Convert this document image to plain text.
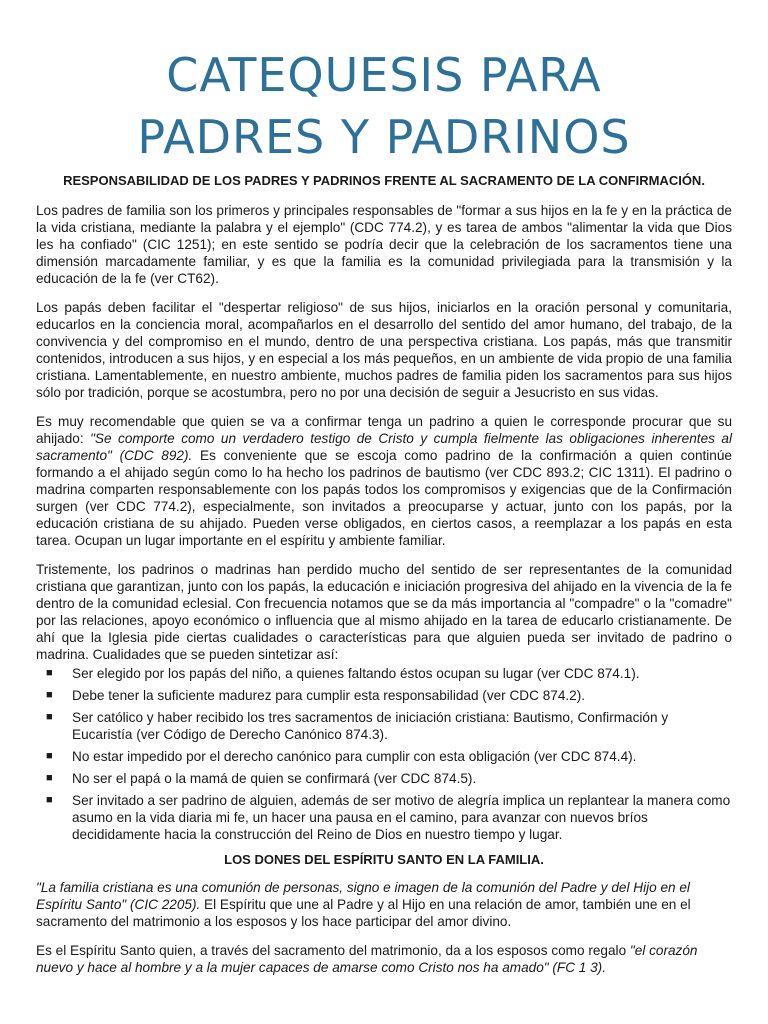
CATEQUESIS PARA
PADRES Y PADRINOS
RESPONSABILIDAD DE LOS PADRES Y PADRINOS FRENTE AL SACRAMENTO DE LA CONFIRMACIÓN.

Los padres de familia son los primeros y principales responsables de "formar a sus hijos en la fe y en la práctica de la vida cristiana, mediante la palabra y el ejemplo" (CDC 774.2), y es tarea de ambos "alimentar la vida que Dios les ha confiado" (CIC 1251); en este sentido se podría decir que la celebración de los sacramentos tiene una dimensión marcadamente familiar, y es que la familia es la comunidad privilegiada para la transmisión y la educación de la fe (ver CT62).

Los papás deben facilitar el "despertar religioso" de sus hijos, iniciarlos en la oración personal y comunitaria, educarlos en la conciencia moral, acompañarlos en el desarrollo del sentido del amor humano, del trabajo, de la convivencia y del compromiso en el mundo, dentro de una perspectiva cristiana. Los papás, más que transmitir contenidos, introducen a sus hijos, y en especial a los más pequeños, en un ambiente de vida propio de una familia cristiana. Lamentablemente, en nuestro ambiente, muchos padres de familia piden los sacramentos para sus hijos sólo por tradición, porque se acostumbra, pero no por una decisión de seguir a Jesucristo en sus vidas.

Es muy recomendable que quien se va a confirmar tenga un padrino a quien le corresponde procurar que su ahijado: "Se comporte como un verdadero testigo de Cristo y cumpla fielmente las obligaciones inherentes al sacramento" (CDC 892). Es conveniente que se escoja como padrino de la confirmación a quien continúe formando a el ahijado según como lo ha hecho los padrinos de bautismo (ver CDC 893.2; CIC 1311). El padrino o madrina comparten responsablemente con los papás todos los compromisos y exigencias que de la Confirmación surgen (ver CDC 774.2), especialmente, son invitados a preocuparse y actuar, junto con los papás, por la educación cristiana de su ahijado. Pueden verse obligados, en ciertos casos, a reemplazar a los papás en esta tarea. Ocupan un lugar importante en el espíritu y ambiente familiar.

Tristemente, los padrinos o madrinas han perdido mucho del sentido de ser representantes de la comunidad cristiana que garantizan, junto con los papás, la educación e iniciación progresiva del ahijado en la vivencia de la fe dentro de la comunidad eclesial. Con frecuencia notamos que se da más importancia al "compadre" o la "comadre" por las relaciones, apoyo económico o influencia que al mismo ahijado en la tarea de educarlo cristianamente. De ahí que la Iglesia pide ciertas cualidades o características para que alguien pueda ser invitado de padrino o madrina. Cualidades que se pueden sintetizar así:

■ Ser elegido por los papás del niño, a quienes faltando éstos ocupan su lugar (ver CDC 874.1).
■ Debe tener la suficiente madurez para cumplir esta responsabilidad (ver CDC 874.2).
■ Ser católico y haber recibido los tres sacramentos de iniciación cristiana: Bautismo, Confirmación y Eucaristía (ver Código de Derecho Canónico 874.3).
■ No estar impedido por el derecho canónico para cumplir con esta obligación (ver CDC 874.4).
■ No ser el papá o la mamá de quien se confirmará (ver CDC 874.5).
■ Ser invitado a ser padrino de alguien, además de ser motivo de alegría implica un replantear la manera como asumo en la vida diaria mi fe, un hacer una pausa en el camino, para avanzar con nuevos bríos decididamente hacia la construcción del Reino de Dios en nuestro tiempo y lugar.
LOS DONES DEL ESPÍRITU SANTO EN LA FAMILIA.

"La familia cristiana es una comunión de personas, signo e imagen de la comunión del Padre y del Hijo en el Espíritu Santo" (CIC 2205). El Espíritu que une al Padre y al Hijo en una relación de amor, también une en el sacramento del matrimonio a los esposos y los hace participar del amor divino.

Es el Espíritu Santo quien, a través del sacramento del matrimonio, da a los esposos como regalo "el corazón nuevo y hace al hombre y a la mujer capaces de amarse como Cristo nos ha amado" (FC 1 3).
